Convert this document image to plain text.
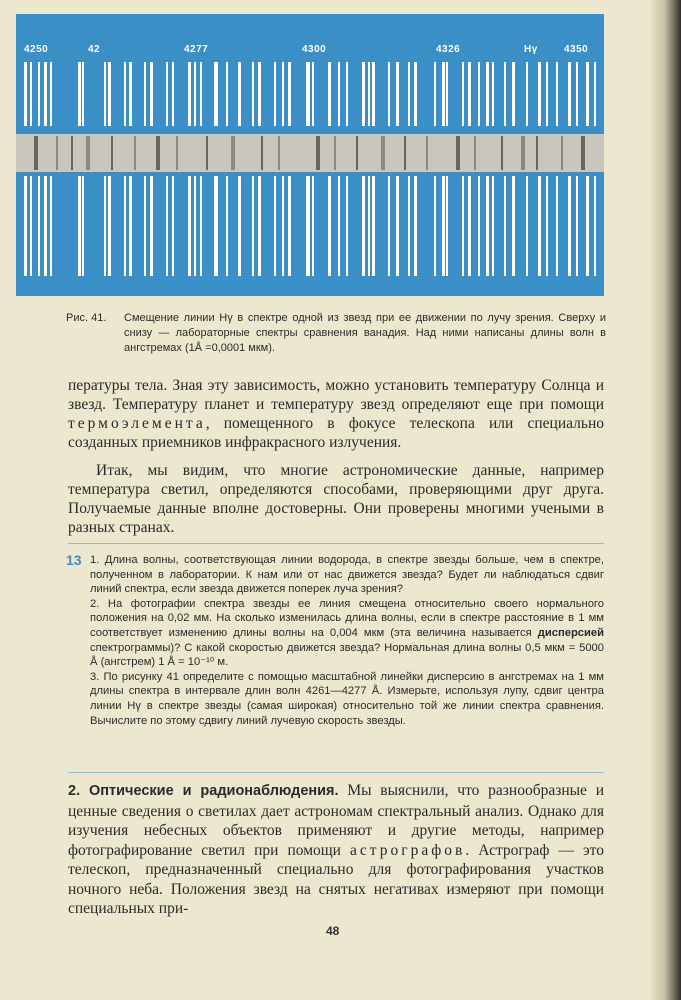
4250	42	4277	4300	4326	Hγ	4350
Рис. 41. Смещение линии Hγ в спектре одной из звезд при ее движении по лучу зрения. Сверху и снизу — лабораторные спектры сравнения ванадия. Над ними написаны длины волн в ангстремах (1Å =0,0001 мкм).

пературы тела. Зная эту зависимость, можно установить температуру Солнца и звезд. Температуру планет и температуру звезд определяют еще при помощи термоэлемента, помещенного в фокусе телескопа или специально созданных приемников инфракрасного излучения.

Итак, мы видим, что многие астрономические данные, например температура светил, определяются способами, проверяющими друг друга. Получаемые данные вполне достоверны. Они проверены многими учеными в разных странах.

13 1. Длина волны, соответствующая линии водорода, в спектре звезды больше, чем в спектре, полученном в лаборатории. К нам или от нас движется звезда? Будет ли наблюдаться сдвиг линий спектра, если звезда движется поперек луча зрения?

2. На фотографии спектра звезды ее линия смещена относительно своего нормального положения на 0,02 мм. На сколько изменилась длина волны, если в спектре расстояние в 1 мм соответствует изменению длины волны на 0,004 мкм (эта величина называется дисперсией спектрограммы)? С какой скоростью движется звезда? Нормальная длина волны 0,5 мкм = 5000 Å (ангстрем) 1 Å = 10⁻¹⁰ м.

3. По рисунку 41 определите с помощью масштабной линейки дисперсию в ангстремах на 1 мм длины спектра в интервале длин волн 4261—4277 Å. Измерьте, используя лупу, сдвиг центра линии Hγ в спектре звезды (самая широкая) относительно той же линии спектра сравнения. Вычислите по этому сдвигу линий лучевую скорость звезды.

2. Оптические и радионаблюдения. Мы выяснили, что разнообразные и ценные сведения о светилах дает астрономам спектральный анализ. Однако для изучения небесных объектов применяют и другие методы, например фотографирование светил при помощи астрографов. Астрограф — это телескоп, предназначенный специально для фотографирования участков ночного неба. Положения звезд на снятых негативах измеряют при помощи специальных при-

48
